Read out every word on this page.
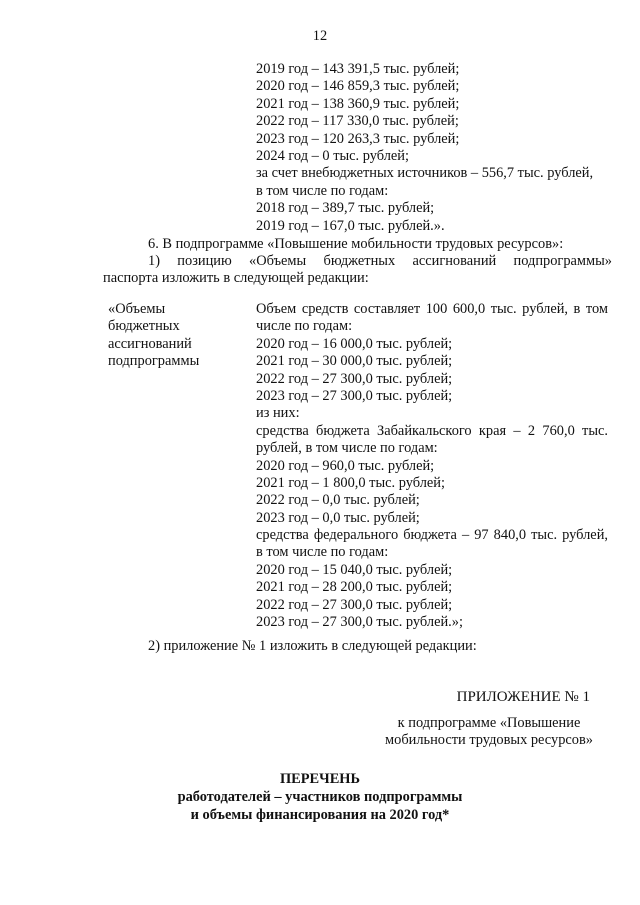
12
2019 год – 143 391,5 тыс. рублей;
2020 год – 146 859,3 тыс. рублей;
2021 год – 138 360,9 тыс. рублей;
2022 год – 117 330,0 тыс. рублей;
2023 год – 120 263,3 тыс. рублей;
2024 год – 0 тыс. рублей;
за счет внебюджетных источников – 556,7 тыс. рублей,
в том числе по годам:
2018 год – 389,7 тыс. рублей;
2019 год – 167,0 тыс. рублей.».
6. В подпрограмме «Повышение мобильности трудовых ресурсов»:
1) позицию «Объемы бюджетных ассигнований подпрограммы»
паспорта изложить в следующей редакции:
«Объемы
бюджетных
ассигнований
подпрограммы
Объем средств составляет 100 600,0 тыс. рублей, в том
числе по годам:
2020 год – 16 000,0 тыс. рублей;
2021 год – 30 000,0 тыс. рублей;
2022 год – 27 300,0 тыс. рублей;
2023 год – 27 300,0 тыс. рублей;
из них:
средства бюджета Забайкальского края – 2 760,0 тыс.
рублей, в том числе по годам:
2020 год – 960,0 тыс. рублей;
2021 год – 1 800,0 тыс. рублей;
2022 год – 0,0 тыс. рублей;
2023 год – 0,0 тыс. рублей;
средства федерального бюджета – 97 840,0 тыс. рублей,
в том числе по годам:
2020 год – 15 040,0 тыс. рублей;
2021 год – 28 200,0 тыс. рублей;
2022 год – 27 300,0 тыс. рублей;
2023 год – 27 300,0 тыс. рублей.»;
2) приложение № 1 изложить в следующей редакции:
ПРИЛОЖЕНИЕ № 1
к подпрограмме «Повышение
мобильности трудовых ресурсов»
ПЕРЕЧЕНЬ
работодателей – участников подпрограммы
и объемы финансирования на 2020 год*
